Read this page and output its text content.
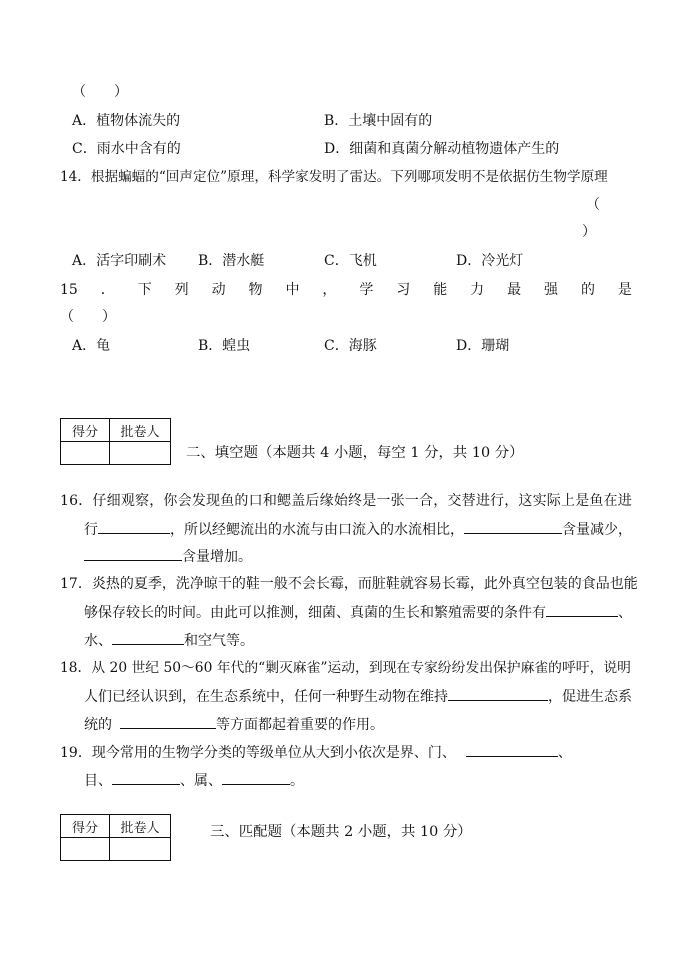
（　　）
A．植物体流失的	B．土壤中固有的
C．雨水中含有的	D．细菌和真菌分解动植物遗体产生的
14．根据蝙蝠的“回声定位”原理，科学家发明了雷达。下列哪项发明不是依据仿生物学原理
（
）
A．活字印刷术 B．潜水艇	C．飞机	D．冷光灯
15 ． 下 列 动 物 中 ， 学 习 能 力 最 强 的 是
（　　）
A．龟	B．蝗虫	C．海豚	D．珊瑚
得分	批卷人

二、填空题（本题共 4 小题，每空 1 分，共 10 分）
16．仔细观察，你会发现鱼的口和鳃盖后缘始终是一张一合，交替进行，这实际上是鱼在进
行	，所以经鳃流出的水流与由口流入的水流相比，	含量减少，
含量增加。
17．炎热的夏季，洗净晾干的鞋一般不会长霉，而脏鞋就容易长霉，此外真空包装的食品也能
够保存较长的时间。由此可以推测，细菌、真菌的生长和繁殖需要的条件有	、
水、	和空气等。
18．从 20 世纪 50～60 年代的“剿灭麻雀”运动，到现在专家纷纷发出保护麻雀的呼吁，说明
人们已经认识到，在生态系统中，任何一种野生动物在维持	，促进生态系
统的	等方面都起着重要的作用。
19．现今常用的生物学分类的等级单位从大到小依次是界、门、	、
目、	、属、	。
得分	批卷人
		三、匹配题（本题共 2 小题，共 10 分）
